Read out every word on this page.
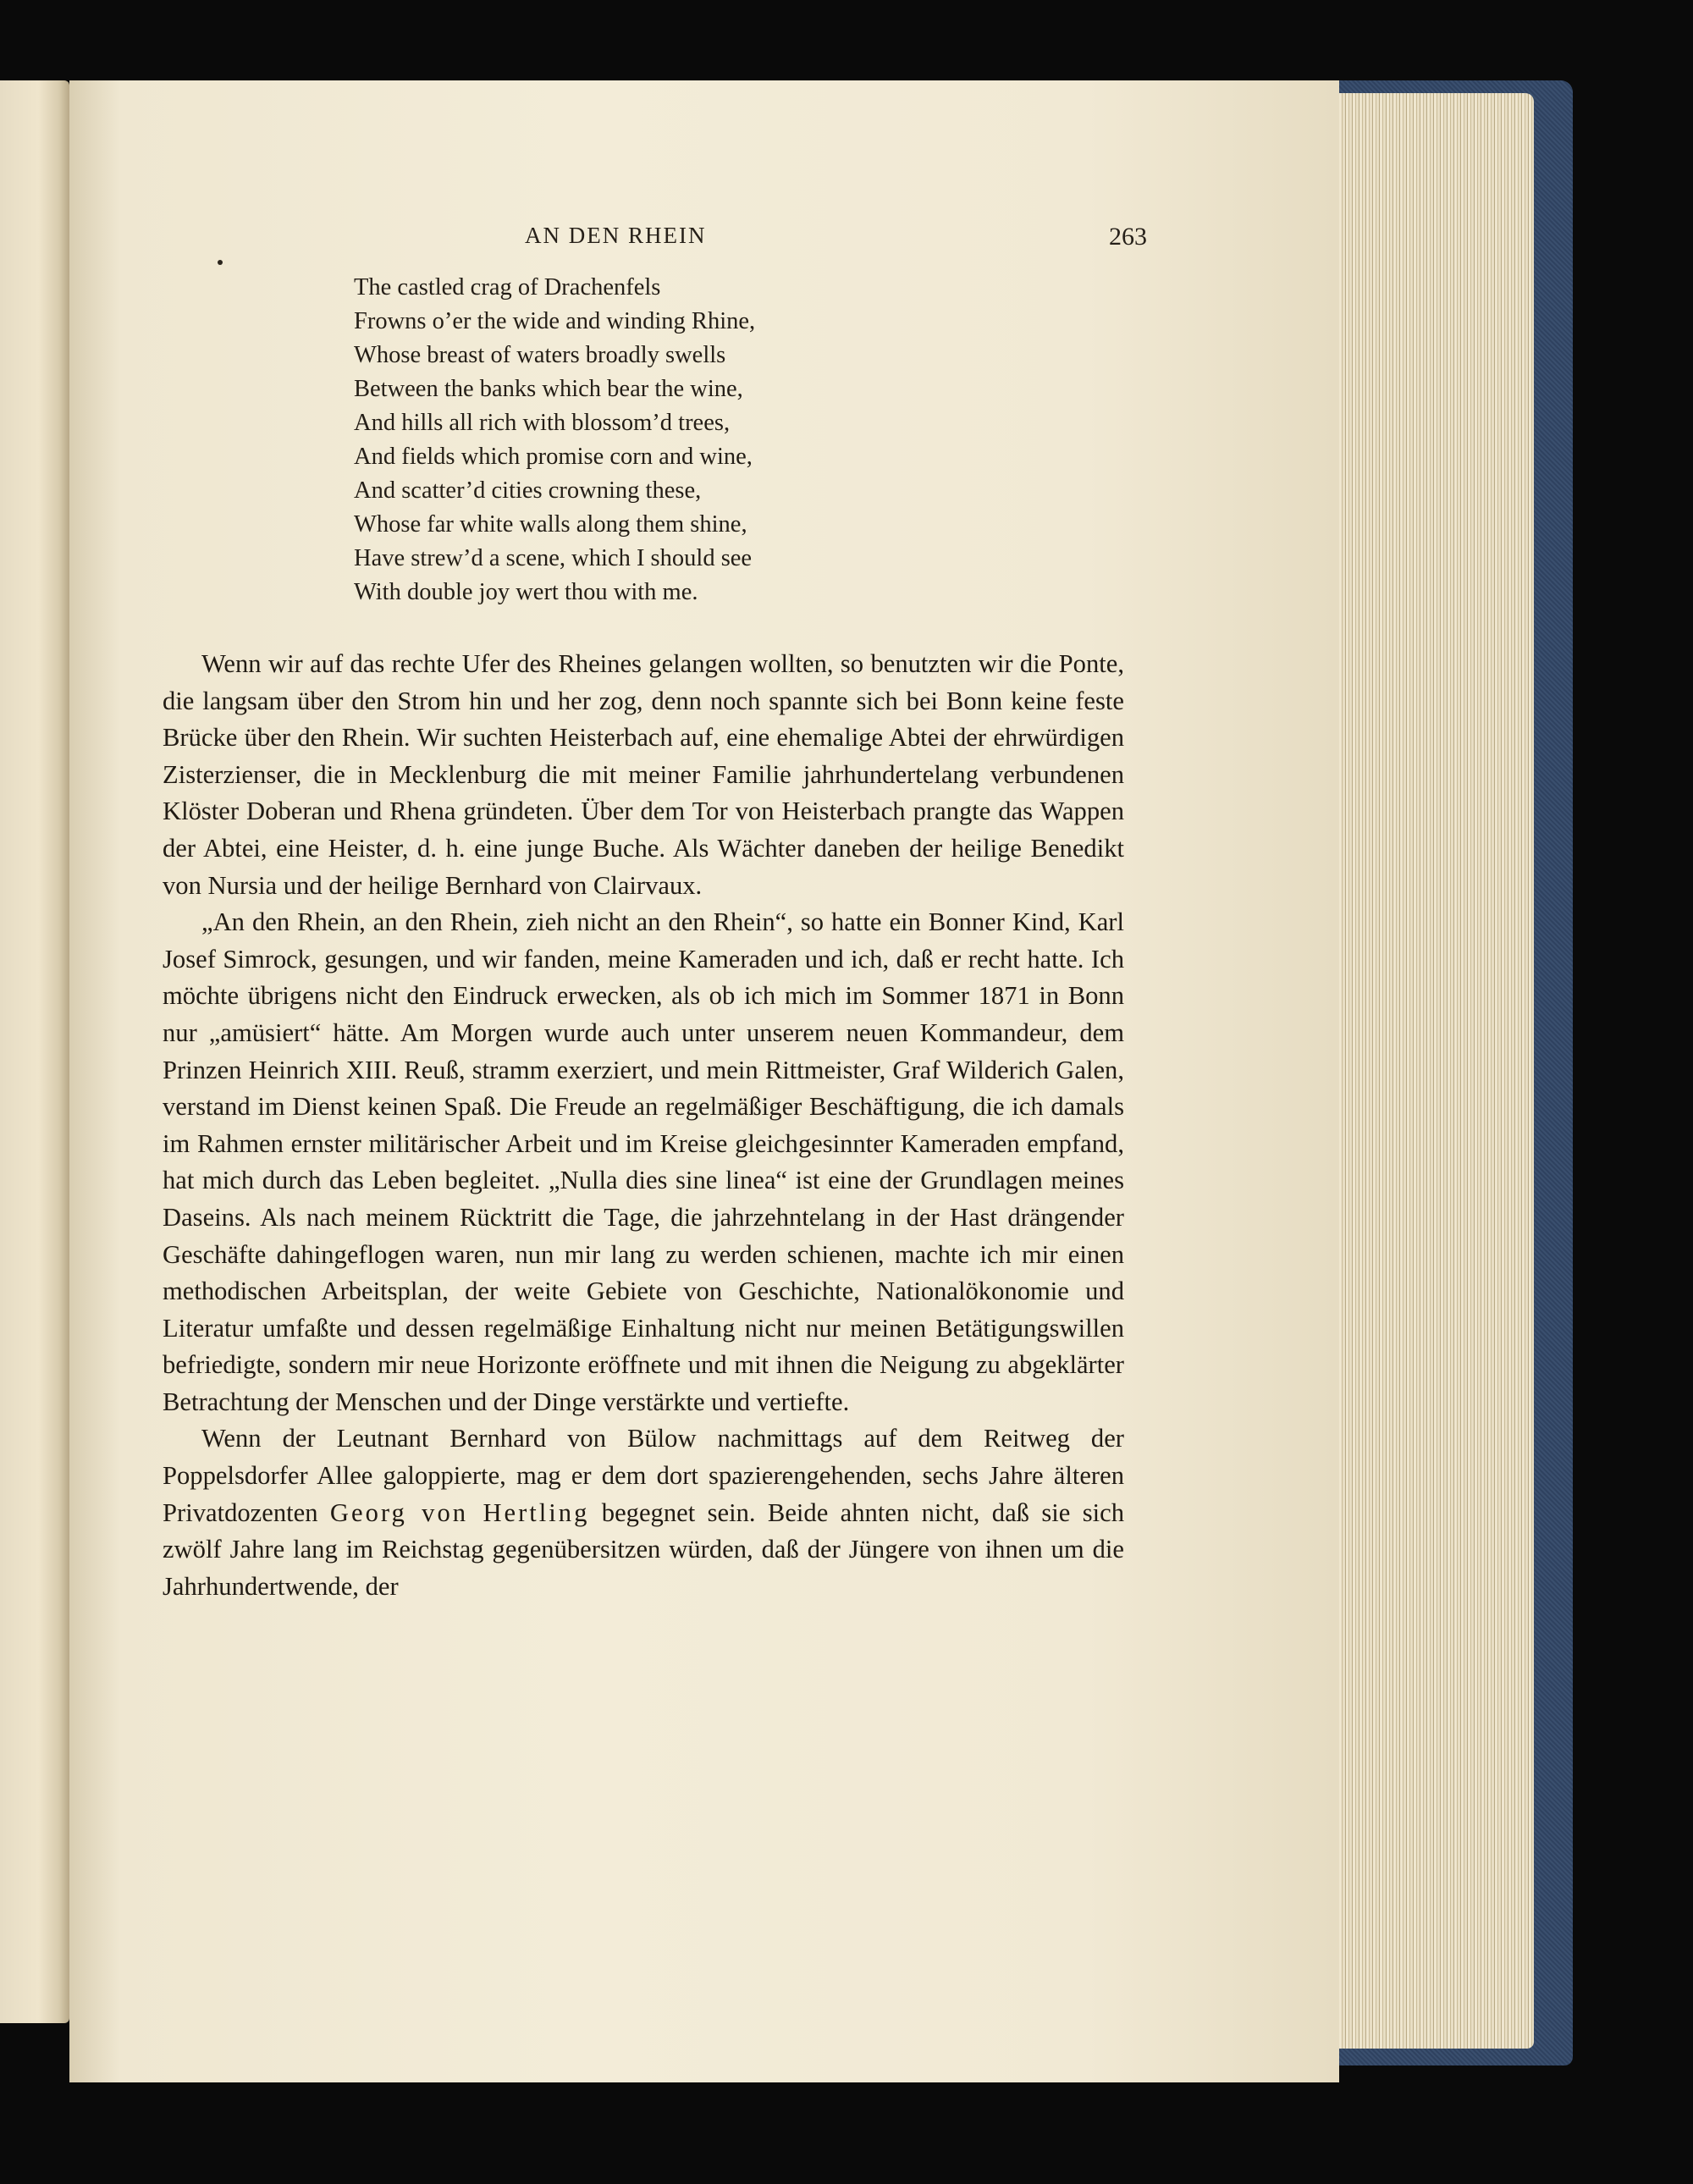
AN DEN RHEIN	263
The castled crag of Drachenfels
Frowns o’er the wide and winding Rhine,
Whose breast of waters broadly swells
Between the banks which bear the wine,
And hills all rich with blossom’d trees,
And fields which promise corn and wine,
And scatter’d cities crowning these,
Whose far white walls along them shine,
Have strew’d a scene, which I should see
With double joy wert thou with me.

Wenn wir auf das rechte Ufer des Rheines gelangen wollten, so benutzten wir die Ponte, die langsam über den Strom hin und her zog, denn noch spannte sich bei Bonn keine feste Brücke über den Rhein. Wir suchten Heisterbach auf, eine ehemalige Abtei der ehrwürdigen Zisterzienser, die in Mecklenburg die mit meiner Familie jahrhundertelang verbundenen Klöster Doberan und Rhena gründeten. Über dem Tor von Heisterbach prangte das Wappen der Abtei, eine Heister, d. h. eine junge Buche. Als Wächter daneben der heilige Benedikt von Nursia und der heilige Bernhard von Clairvaux.

„An den Rhein, an den Rhein, zieh nicht an den Rhein“, so hatte ein Bonner Kind, Karl Josef Simrock, gesungen, und wir fanden, meine Kameraden und ich, daß er recht hatte. Ich möchte übrigens nicht den Eindruck erwecken, als ob ich mich im Sommer 1871 in Bonn nur „amüsiert“ hätte. Am Morgen wurde auch unter unserem neuen Kommandeur, dem Prinzen Heinrich XIII. Reuß, stramm exerziert, und mein Rittmeister, Graf Wilderich Galen, verstand im Dienst keinen Spaß. Die Freude an regelmäßiger Beschäftigung, die ich damals im Rahmen ernster militärischer Arbeit und im Kreise gleichgesinnter Kameraden empfand, hat mich durch das Leben begleitet. „Nulla dies sine linea“ ist eine der Grundlagen meines Daseins. Als nach meinem Rücktritt die Tage, die jahrzehntelang in der Hast drängender Geschäfte dahingeflogen waren, nun mir lang zu werden schienen, machte ich mir einen methodischen Arbeitsplan, der weite Gebiete von Geschichte, Nationalökonomie und Literatur umfaßte und dessen regelmäßige Einhaltung nicht nur meinen Betätigungswillen befriedigte, sondern mir neue Horizonte eröffnete und mit ihnen die Neigung zu abgeklärter Betrachtung der Menschen und der Dinge verstärkte und vertiefte.

Wenn der Leutnant Bernhard von Bülow nachmittags auf dem Reitweg der Poppelsdorfer Allee galoppierte, mag er dem dort spazierengehenden, sechs Jahre älteren Privatdozenten Georg von Hertling begegnet sein. Beide ahnten nicht, daß sie sich zwölf Jahre lang im Reichstag gegenübersitzen würden, daß der Jüngere von ihnen um die Jahrhundertwende, der
